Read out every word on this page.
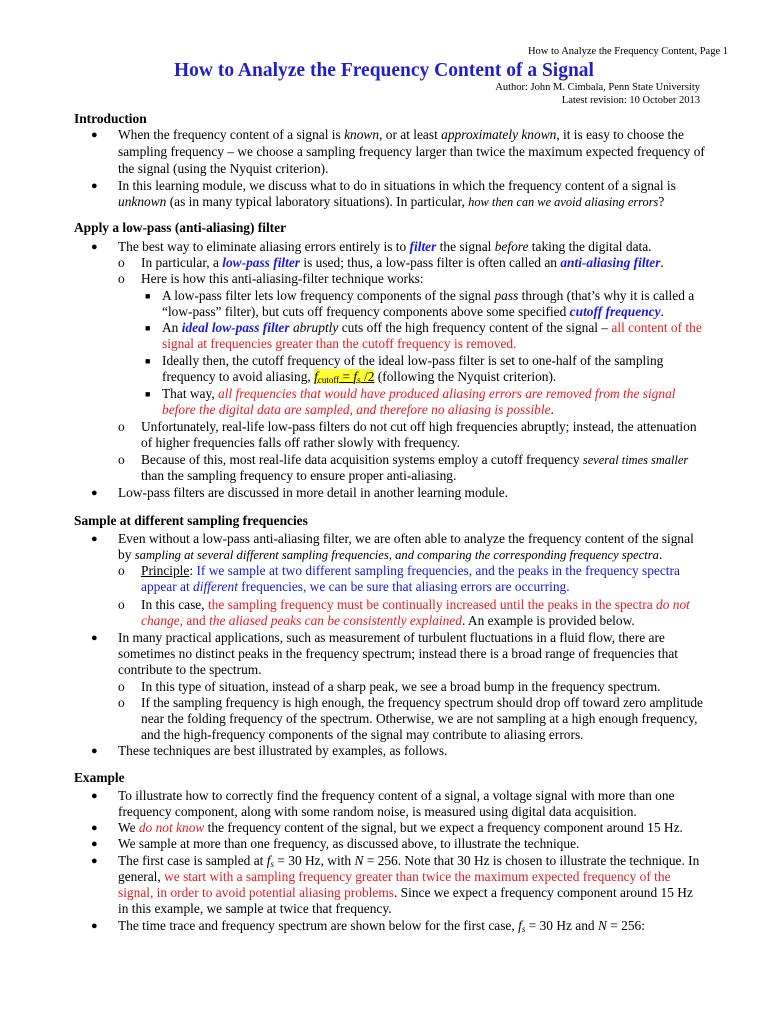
How to Analyze the Frequency Content, Page 1
How to Analyze the Frequency Content of a Signal
Author: John M. Cimbala, Penn State University
Latest revision: 10 October 2013
Introduction
● When the frequency content of a signal is known, or at least approximately known, it is easy to choose the
sampling frequency – we choose a sampling frequency larger than twice the maximum expected frequency of
the signal (using the Nyquist criterion).
● In this learning module, we discuss what to do in situations in which the frequency content of a signal is
unknown (as in many typical laboratory situations). In particular, how then can we avoid aliasing errors?
Apply a low-pass (anti-aliasing) filter
● The best way to eliminate aliasing errors entirely is to filter the signal before taking the digital data.
o In particular, a low-pass filter is used; thus, a low-pass filter is often called an anti-aliasing filter.
o Here is how this anti-aliasing-filter technique works:
■ A low-pass filter lets low frequency components of the signal pass through (that’s why it is called a
“low-pass” filter), but cuts off frequency components above some specified cutoff frequency.
■ An ideal low-pass filter abruptly cuts off the high frequency content of the signal – all content of the
signal at frequencies greater than the cutoff frequency is removed.
■ Ideally then, the cutoff frequency of the ideal low-pass filter is set to one-half of the sampling
frequency to avoid aliasing, $f_{cutoff} = f_s$ /2 (following the Nyquist criterion).
■ That way, all frequencies that would have produced aliasing errors are removed from the signal
before the digital data are sampled, and therefore no aliasing is possible.
o Unfortunately, real-life low-pass filters do not cut off high frequencies abruptly; instead, the attenuation
of higher frequencies falls off rather slowly with frequency.
o Because of this, most real-life data acquisition systems employ a cutoff frequency several times smaller
than the sampling frequency to ensure proper anti-aliasing.
● Low-pass filters are discussed in more detail in another learning module.
Sample at different sampling frequencies
● Even without a low-pass anti-aliasing filter, we are often able to analyze the frequency content of the signal
by sampling at several different sampling frequencies, and comparing the corresponding frequency spectra.
o Principle: If we sample at two different sampling frequencies, and the peaks in the frequency spectra
appear at different frequencies, we can be sure that aliasing errors are occurring.
o In this case, the sampling frequency must be continually increased until the peaks in the spectra do not
change, and the aliased peaks can be consistently explained. An example is provided below.
● In many practical applications, such as measurement of turbulent fluctuations in a fluid flow, there are
sometimes no distinct peaks in the frequency spectrum; instead there is a broad range of frequencies that
contribute to the spectrum.
o In this type of situation, instead of a sharp peak, we see a broad bump in the frequency spectrum.
o If the sampling frequency is high enough, the frequency spectrum should drop off toward zero amplitude
near the folding frequency of the spectrum. Otherwise, we are not sampling at a high enough frequency,
and the high-frequency components of the signal may contribute to aliasing errors.
● These techniques are best illustrated by examples, as follows.
Example
● To illustrate how to correctly find the frequency content of a signal, a voltage signal with more than one
frequency component, along with some random noise, is measured using digital data acquisition.
● We do not know the frequency content of the signal, but we expect a frequency component around 15 Hz.
● We sample at more than one frequency, as discussed above, to illustrate the technique.
● The first case is sampled at $f_s = 30$ Hz, with N = 256. Note that 30 Hz is chosen to illustrate the technique. In
general, we start with a sampling frequency greater than twice the maximum expected frequency of the
signal, in order to avoid potential aliasing problems. Since we expect a frequency component around 15 Hz
in this example, we sample at twice that frequency.
● The time trace and frequency spectrum are shown below for the first case, $f_s = 30$ Hz and N = 256:
